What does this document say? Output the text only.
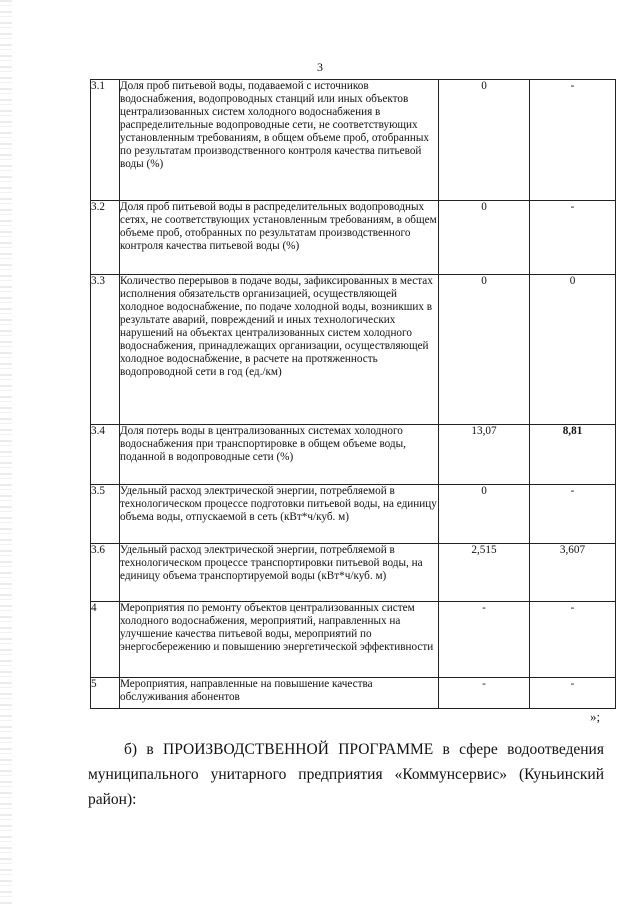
3
3.1	Доля проб питьевой воды, подаваемой с источников водоснабжения, водопроводных станций или иных объектов централизованных систем холодного водоснабжения в распределительные водопроводные сети, не соответствующих установленным требованиям, в общем объеме проб, отобранных по результатам производственного контроля качества питьевой воды (%)	0	-
3.2	Доля проб питьевой воды в распределительных водопроводных сетях, не соответствующих установленным требованиям, в общем объеме проб, отобранных по результатам производственного контроля качества питьевой воды (%)	0	-
3.3	Количество перерывов в подаче воды, зафиксированных в местах исполнения обязательств организацией, осуществляющей холодное водоснабжение, по подаче холодной воды, возникших в результате аварий, повреждений и иных технологических нарушений на объектах централизованных систем холодного водоснабжения, принадлежащих организации, осуществляющей холодное водоснабжение, в расчете на протяженность водопроводной сети в год (ед./км)	0	0
3.4	Доля потерь воды в централизованных системах холодного водоснабжения при транспортировке в общем объеме воды, поданной в водопроводные сети (%)	13,07	8,81
3.5	Удельный расход электрической энергии, потребляемой в технологическом процессе подготовки питьевой воды, на единицу объема воды, отпускаемой в сеть (кВт*ч/куб. м)	0	-
3.6	Удельный расход электрической энергии, потребляемой в технологическом процессе транспортировки питьевой воды, на единицу объема транспортируемой воды (кВт*ч/куб. м)	2,515	3,607
4	Мероприятия по ремонту объектов централизованных систем холодного водоснабжения, мероприятий, направленных на улучшение качества питьевой воды, мероприятий по энергосбережению и повышению энергетической эффективности	-	-
5	Мероприятия, направленные на повышение качества обслуживания абонентов	-	-
»;
б) в ПРОИЗВОДСТВЕННОЙ ПРОГРАММЕ в сфере водоотведения
муниципального унитарного предприятия «Коммунсервис» (Куньинский
район):
